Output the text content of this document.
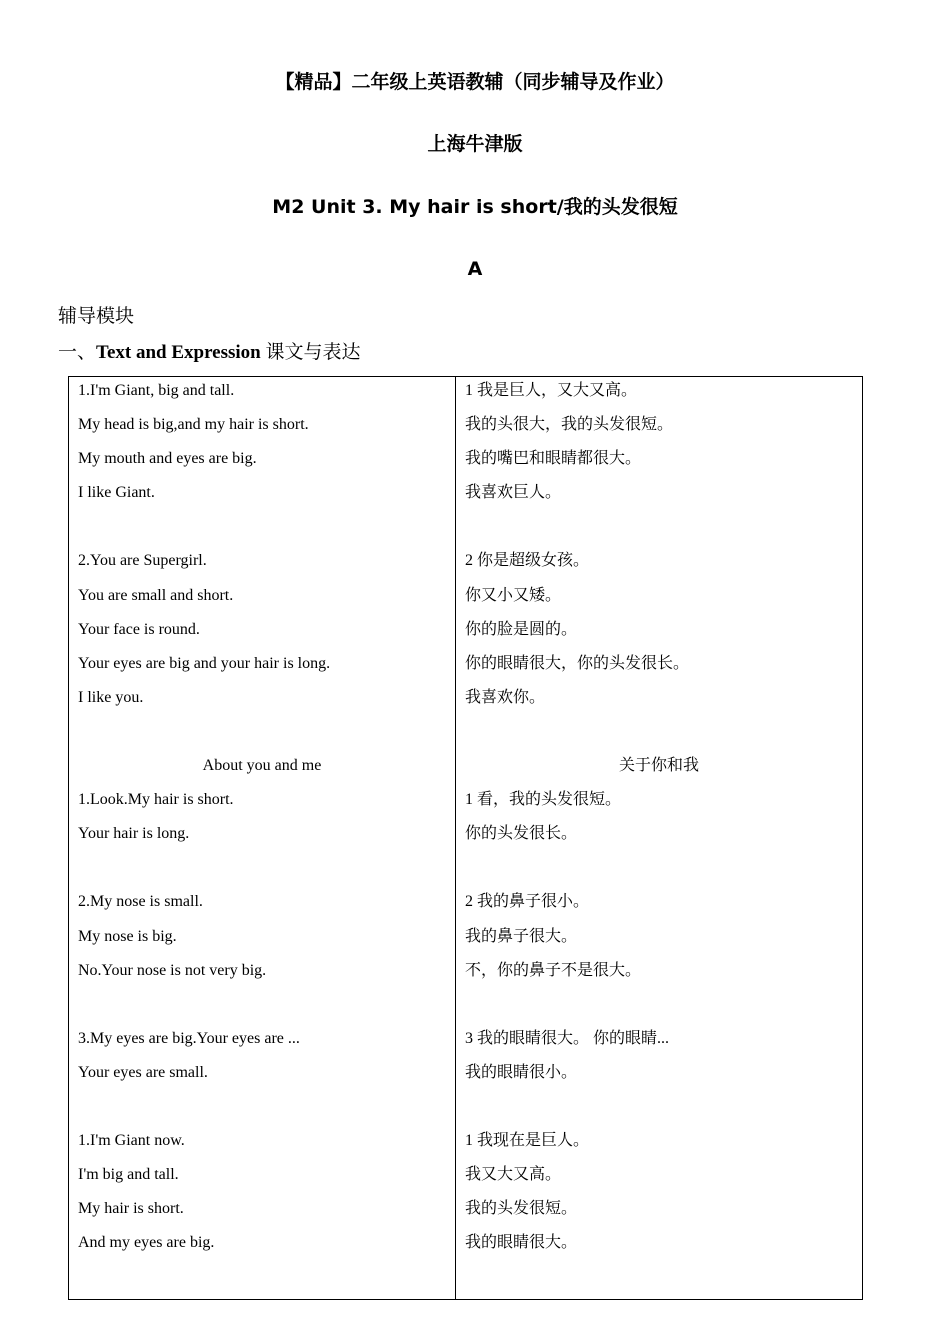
【精品】二年级上英语教辅（同步辅导及作业）
上海牛津版
M2 Unit 3. My hair is short/我的头发很短
A
辅导模块
一、Text and Expression 课文与表达
1.I'm Giant, big and tall.
My head is big,and my hair is short.
My mouth and eyes are big.
I like Giant.
2.You are Supergirl.
You are small and short.
Your face is round.
Your eyes are big and your hair is long.
I like you.
About you and me
1.Look.My hair is short.
Your hair is long.
2.My nose is small.
My nose is big.
No.Your nose is not very big.
3.My eyes are big.Your eyes are ...
Your eyes are small.
1.I'm Giant now.
I'm big and tall.
My hair is short.
And my eyes are big.
1 我是巨人，又大又高。
我的头很大，我的头发很短。
我的嘴巴和眼睛都很大。
我喜欢巨人。
2 你是超级女孩。
你又小又矮。
你的脸是圆的。
你的眼睛很大，你的头发很长。
我喜欢你。
关于你和我
1 看，我的头发很短。
你的头发很长。
2 我的鼻子很小。
我的鼻子很大。
不，你的鼻子不是很大。
3 我的眼睛很大。 你的眼睛...
我的眼睛很小。
1 我现在是巨人。
我又大又高。
我的头发很短。
我的眼睛很大。
